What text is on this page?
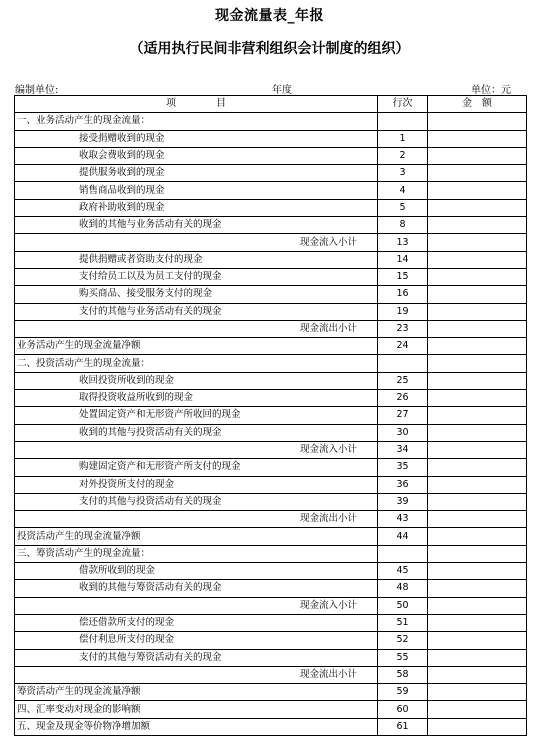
现金流量表_年报
（适用执行民间非营利组织会计制度的组织）
编制单位:	年度	单位：元
项　　　　目	行次	金　额
一、业务活动产生的现金流量：		
接受捐赠收到的现金	1	
收取会费收到的现金	2	
提供服务收到的现金	3	
销售商品收到的现金	4	
政府补助收到的现金	5	
收到的其他与业务活动有关的现金	8	
现金流入小计	13	
提供捐赠或者资助支付的现金	14	
支付给员工以及为员工支付的现金	15	
购买商品、接受服务支付的现金	16	
支付的其他与业务活动有关的现金	19	
现金流出小计	23	
业务活动产生的现金流量净额	24	
二、投资活动产生的现金流量：		
收回投资所收到的现金	25	
取得投资收益所收到的现金	26	
处置固定资产和无形资产所收回的现金	27	
收到的其他与投资活动有关的现金	30	
现金流入小计	34	
购建固定资产和无形资产所支付的现金	35	
对外投资所支付的现金	36	
支付的其他与投资活动有关的现金	39	
现金流出小计	43	
投资活动产生的现金流量净额	44	
三、筹资活动产生的现金流量：		
借款所收到的现金	45	
收到的其他与筹资活动有关的现金	48	
现金流入小计	50	
偿还借款所支付的现金	51	
偿付利息所支付的现金	52	
支付的其他与筹资活动有关的现金	55	
现金流出小计	58	
筹资活动产生的现金流量净额	59	
四、汇率变动对现金的影响额	60	
五、现金及现金等价物净增加额	61	
